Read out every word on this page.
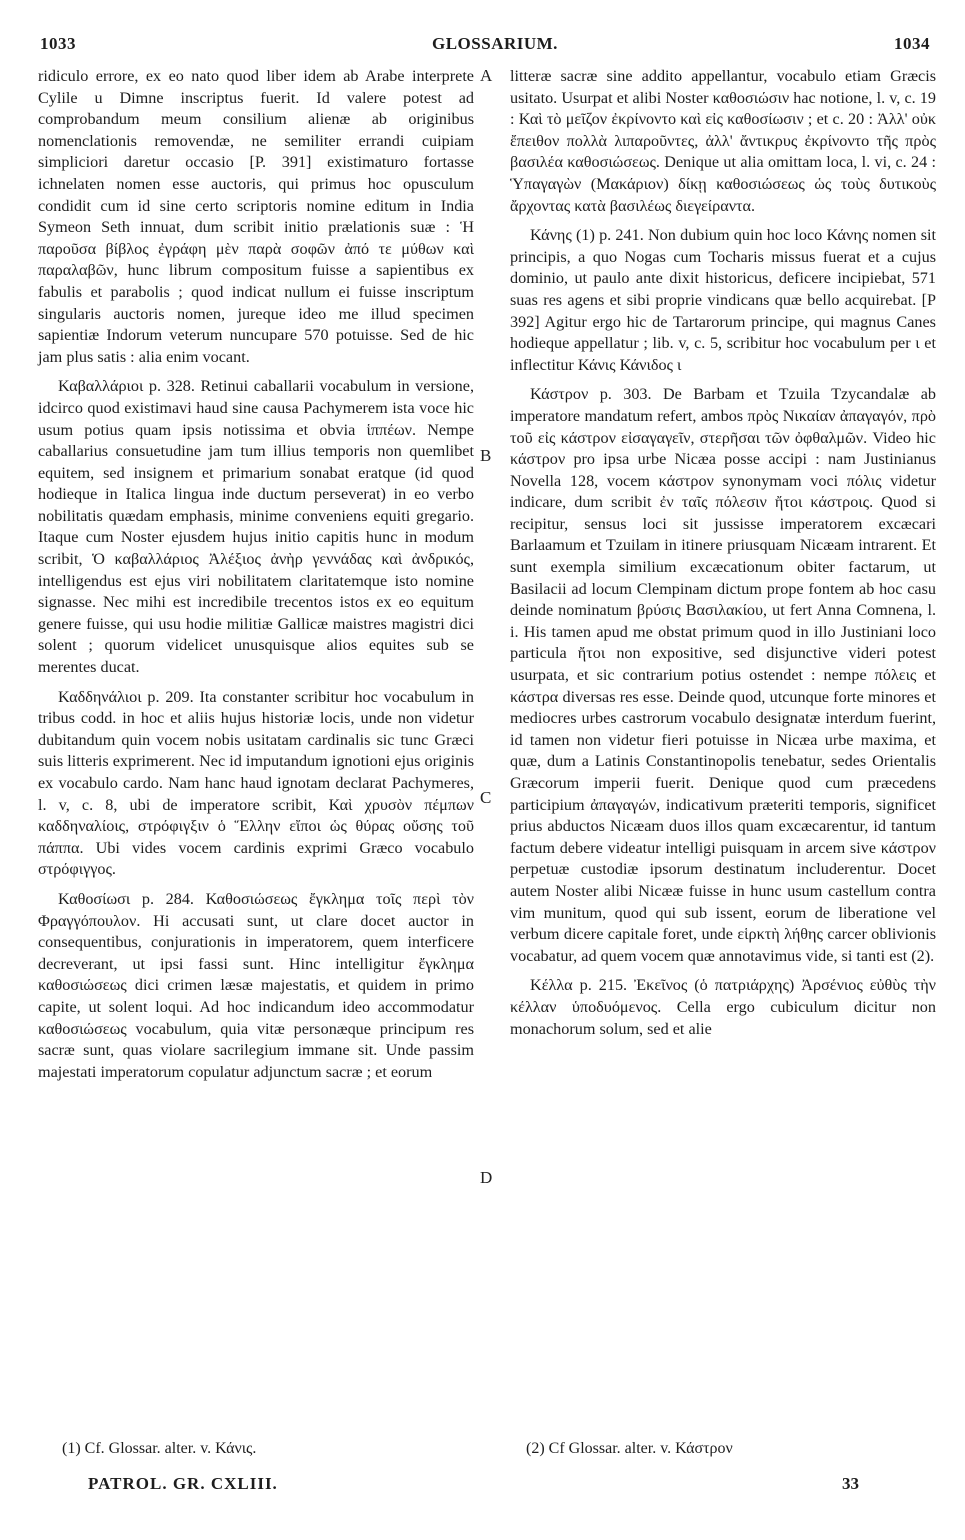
1033	GLOSSARIUM.	1034

ridiculo errore, ex eo nato quod liber idem ab Arabe interprete Cylile u Dimne inscriptus fuerit. Id valere potest ad comprobandum meum consilium alienæ ab originibus nomenclationis removendæ, ne semiliter errandi cuipiam simpliciori daretur occasio [P. 391] existimaturo fortasse ichnelaten nomen esse auctoris, qui primus hoc opusculum condidit cum id sine certo scriptoris nomine editum in India Symeon Seth innuat, dum scribit initio prælationis suæ : Ἡ παροῦσα βίβλος ἐγράφη μὲν παρὰ σοφῶν ἀπό τε μύθων καὶ παραλαβῶν, hunc librum compositum fuisse a sapientibus ex fabulis et parabolis ; quod indicat nullum ei fuisse inscriptum singularis auctoris nomen, jureque ideo me illud specimen sapientiæ Indorum veterum nuncupare 570 potuisse. Sed de hic jam plus satis : alia enim vocant.

Καβαλλάριοι p. 328. Retinui caballarii vocabulum in versione, idcirco quod existimavi haud sine causa Pachymerem ista voce hic usum potius quam ipsis notissima et obvia ἱππέων. Nempe caballarius consuetudine jam tum illius temporis non quemlibet equitem, sed insignem et primarium sonabat eratque (id quod hodieque in Italica lingua inde ductum perseverat) in eo verbo nobilitatis quædam emphasis, minime conveniens equiti gregario. Itaque cum Noster ejusdem hujus initio capitis hunc in modum scribit, Ὁ καβαλλάριος Ἀλέξιος ἀνὴρ γεννάδας καὶ ἀνδρικός, intelligendus est ejus viri nobilitatem claritatemque isto nomine signasse. Nec mihi est incredibile trecentos istos ex eo equitum genere fuisse, qui usu hodie militiæ Gallicæ maistres magistri dici solent ; quorum videlicet unusquisque alios equites sub se merentes ducat.

Καδδηνάλιοι p. 209. Ita constanter scribitur hoc vocabulum in tribus codd. in hoc et aliis hujus historiæ locis, unde non videtur dubitandum quin vocem nobis usitatam cardinalis sic tunc Græci suis litteris exprimerent. Nec id imputandum ignotioni ejus originis ex vocabulo cardo. Nam hanc haud ignotam declarat Pachymeres, l. v, c. 8, ubi de imperatore scribit, Καὶ χρυσὸν πέμπων καδδηναλίοις, στρόφιγξιν ὁ Ἕλλην εἴποι ὡς θύρας οὔσης τοῦ πάππα. Ubi vides vocem cardinis exprimi Græco vocabulo στρόφιγγος.

Καθοσίωσι p. 284. Καθοσιώσεως ἔγκλημα τοῖς περὶ τὸν Φραγγόπουλον. Hi accusati sunt, ut clare docet auctor in consequentibus, conjurationis in imperatorem, quem interficere decreverant, ut ipsi fassi sunt. Hinc intelligitur ἔγκλημα καθοσιώσεως dici crimen læsæ majestatis, et quidem in primo capite, ut solent loqui. Ad hoc indicandum ideo accommodatur καθοσιώσεως vocabulum, quia vitæ personæque principum res sacræ sunt, quas violare sacrilegium immane sit. Unde passim majestati imperatorum copulatur adjunctum sacræ ; et eorum

A
B
C
D

litteræ sacræ sine addito appellantur, vocabulo etiam Græcis usitato. Usurpat et alibi Noster καθοσιώσιν hac notione, l. v, c. 19 : Καὶ τὸ μεῖζον ἐκρίνοντο καὶ εἰς καθοσίωσιν ; et c. 20 : Ἀλλ' οὐκ ἔπειθον πολλὰ λιπαροῦντες, ἀλλ' ἄντικρυς ἐκρίνοντο τῆς πρὸς βασιλέα καθοσιώσεως. Denique ut alia omittam loca, l. vi, c. 24 : Ὑπαγαγὼν (Μακάριον) δίκῃ καθοσιώσεως ὡς τοὺς δυτικοὺς ἄρχοντας κατὰ βασιλέως διεγείραντα.

Κάνης (1) p. 241. Non dubium quin hoc loco Κάνης nomen sit principis, a quo Nogas cum Tocharis missus fuerat et a cujus dominio, ut paulo ante dixit historicus, deficere incipiebat, 571 suas res agens et sibi proprie vindicans quæ bello acquirebat. [P 392] Agitur ergo hic de Tartarorum principe, qui magnus Canes hodieque appellatur ; lib. v, c. 5, scribitur hoc vocabulum per ι et inflectitur Κάνις Κάνιδος ι

Κάστρον p. 303. De Barbam et Tzuila Tzycandalæ ab imperatore mandatum refert, ambos πρὸς Νικαίαν ἀπαγαγόν, πρὸ τοῦ εἰς κάστρον εἰσαγαγεῖν, στερῆσαι τῶν ὀφθαλμῶν. Video hic κάστρον pro ipsa urbe Nicæa posse accipi : nam Justinianus Novella 128, vocem κάστρον synonymam voci πόλις videtur indicare, dum scribit ἐν ταῖς πόλεσιν ἤτοι κάστροις. Quod si recipitur, sensus loci sit jussisse imperatorem excæcari Barlaamum et Tzuilam in itinere priusquam Nicæam intrarent. Et sunt exempla similium excæcationum obiter factarum, ut Basilacii ad locum Clempinam dictum prope fontem ab hoc casu deinde nominatum βρύσις Βασιλακίου, ut fert Anna Comnena, l. i. His tamen apud me obstat primum quod in illo Justiniani loco particula ἤτοι non expositive, sed disjunctive videri potest usurpata, et sic contrarium potius ostendet : nempe πόλεις et κάστρα diversas res esse. Deinde quod, utcunque forte minores et mediocres urbes castrorum vocabulo designatæ interdum fuerint, id tamen non videtur fieri potuisse in Nicæa urbe maxima, et quæ, dum a Latinis Constantinopolis tenebatur, sedes Orientalis Græcorum imperii fuerit. Denique quod cum præcedens participium ἀπαγαγών, indicativum præteriti temporis, significet prius abductos Nicæam duos illos quam excæcarentur, id tantum factum debere videatur intelligi puisquam in arcem sive κάστρον perpetuæ custodiæ ipsorum destinatum includerentur. Docet autem Noster alibi Nicææ fuisse in hunc usum castellum contra vim munitum, quod qui sub issent, eorum de liberatione vel verbum dicere capitale foret, unde εἱρκτὴ λήθης carcer oblivionis vocabatur, ad quem vocem quæ annotavimus vide, si tanti est (2).

Κέλλα p. 215. Ἐκεῖνος (ὁ πατριάρχης) Ἀρσένιος εὐθὺς τὴν κέλλαν ὑποδυόμενος. Cella ergo cubiculum dicitur non monachorum solum, sed et alie

(1) Cf. Glossar. alter. v. Κάνις.	(2) Cf Glossar. alter. v. Κάστρον
PATROL. GR. CXLIII.	33
